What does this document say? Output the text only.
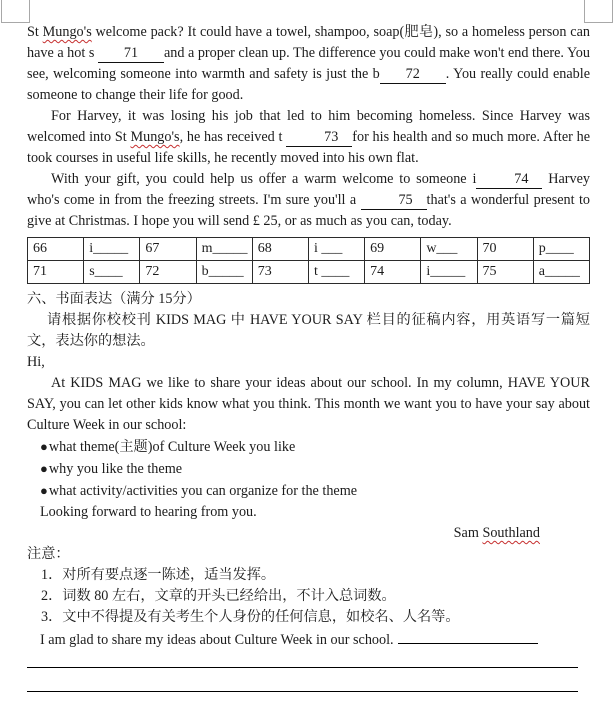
St Mungo's welcome pack? It could have a towel, shampoo, soap(肥皂), so a homeless person can have a hot s 71 and a proper clean up. The difference you could make won't end there. You see, welcoming someone into warmth and safety is just the b 72 . You really could enable someone to change their life for good.

For Harvey, it was losing his job that led to him becoming homeless. Since Harvey was welcomed into St Mungo's, he has received t	73 for his health and so much more. After he took courses in useful life skills, he recently moved into his own flat.

With your gift, you could help us offer a warm welcome to someone i	74 Harvey who's come in from the freezing streets. I'm sure you'll a	75 that's a wonderful present to give at Christmas. I hope you will send £ 25, or as much as you can, today.

66	i_____	67	m_____	68	i ___	69	w___	70	p____
71	s____	72	b_____	73	t ____	74	i_____	75	a_____

六、书面表达（满分 15分）

请根据你校校刊 KIDS MAG 中 HAVE YOUR SAY 栏目的征稿内容，用英语写一篇短文，表达你的想法。

Hi,

At KIDS MAG we like to share your ideas about our school. In my column, HAVE YOUR SAY, you can let other kids know what you think. This month we want you to have your say about Culture Week in our school:

●what theme(主题)of Culture Week you like

●why you like the theme

●what activity/activities you can organize for the theme

Looking forward to hearing from you.

Sam Southland

注意：

1．对所有要点逐一陈述，适当发挥。

2．词数 80 左右，文章的开头已经给出，不计入总词数。

3．文中不得提及有关考生个人身份的任何信息，如校名、人名等。

I am glad to share my ideas about Culture Week in our school.
